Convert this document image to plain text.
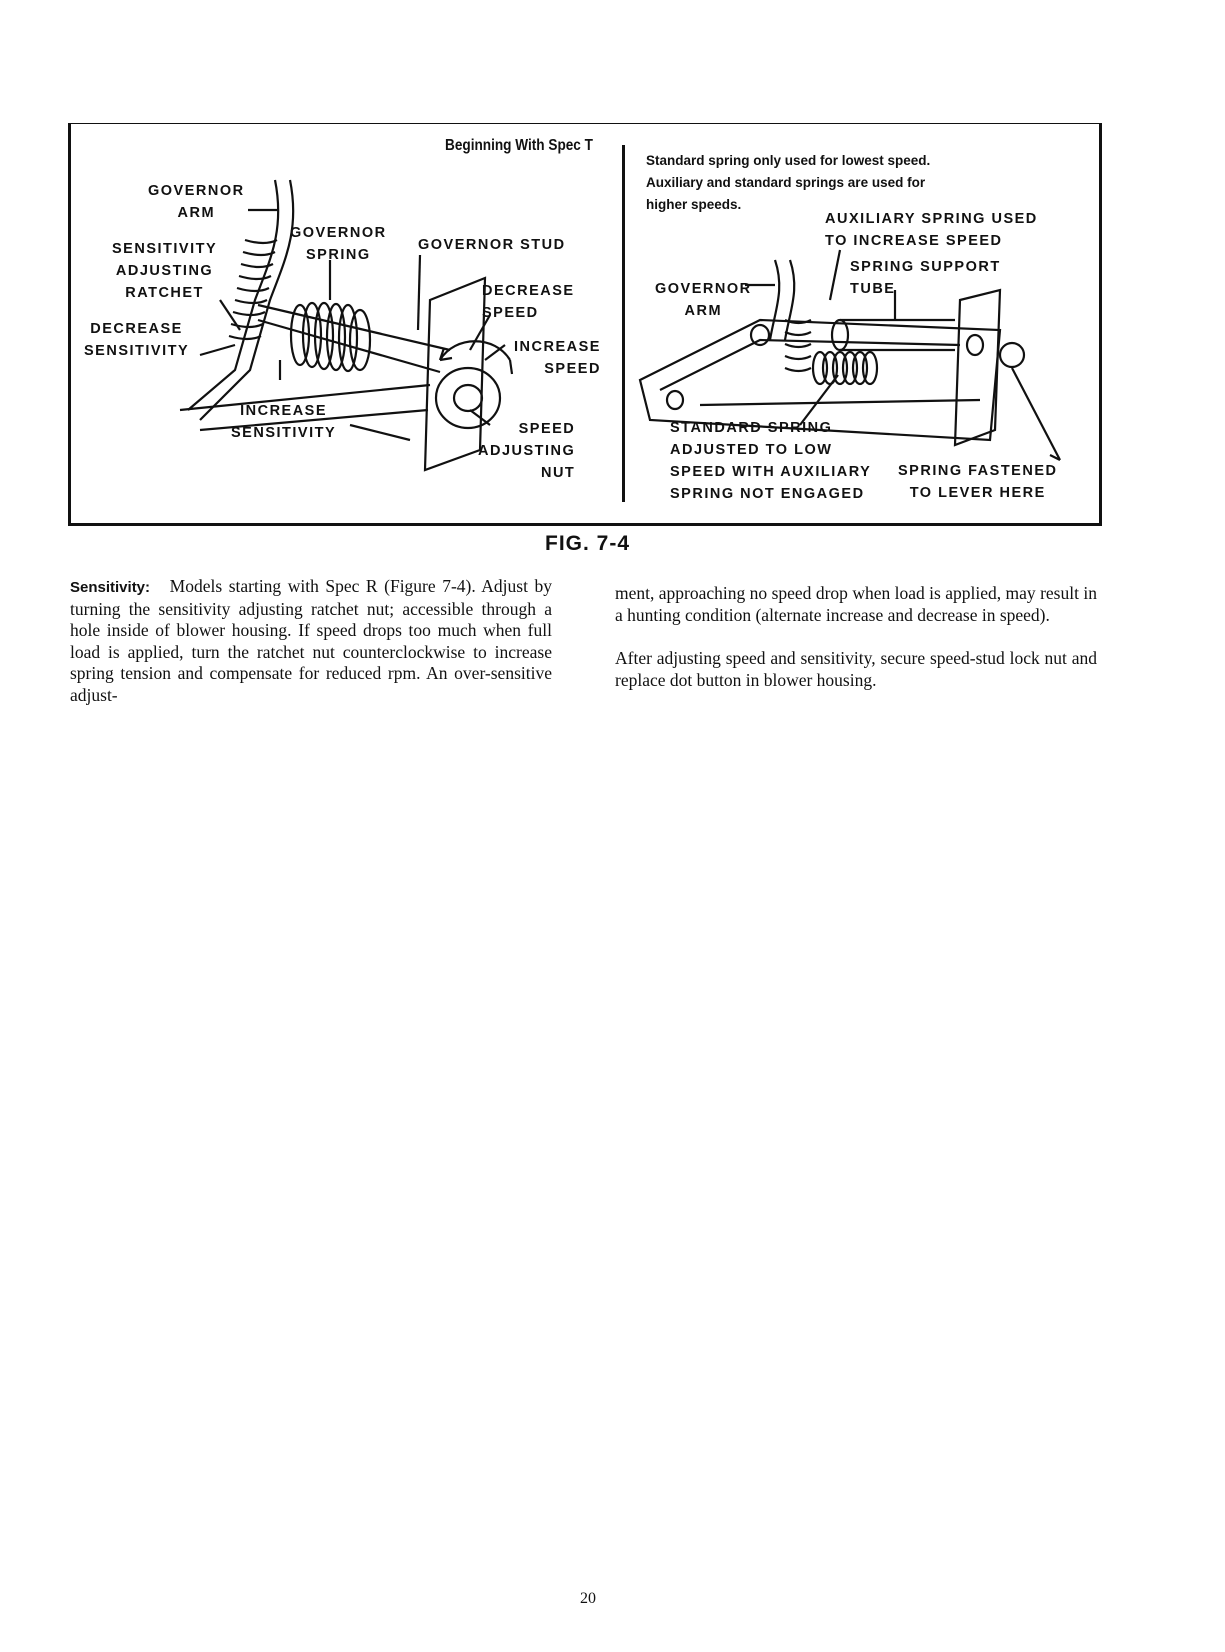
Beginning With Spec T
GOVERNOR
ARM
GOVERNOR
SPRING
GOVERNOR STUD
SENSITIVITY
ADJUSTING
RATCHET	DECREASE
SPEED
DECREASE
SENSITIVITY	INCREASE
SPEED
INCREASE
SENSITIVITY	SPEED
ADJUSTING
NUT
Standard spring only used for lowest speed.
Auxiliary and standard springs are used for
higher speeds.
AUXILIARY SPRING USED
TO INCREASE SPEED
SPRING SUPPORT
TUBE
GOVERNOR
ARM
STANDARD SPRING
ADJUSTED TO LOW
SPEED WITH AUXILIARY
SPRING NOT ENGAGED
SPRING FASTENED
TO LEVER HERE
FIG. 7-4
Sensitivity: Models starting with Spec R (Figure 7-4). Adjust by turning the sensitivity adjusting ratchet nut; accessible through a hole inside of blower housing. If speed drops too much when full load is applied, turn the ratchet nut counterclockwise to increase spring tension and compensate for reduced rpm. An over-sensitive adjust-
ment, approaching no speed drop when load is applied, may result in a hunting condition (alternate increase and decrease in speed).
After adjusting speed and sensitivity, secure speed-stud lock nut and replace dot button in blower housing.
20
